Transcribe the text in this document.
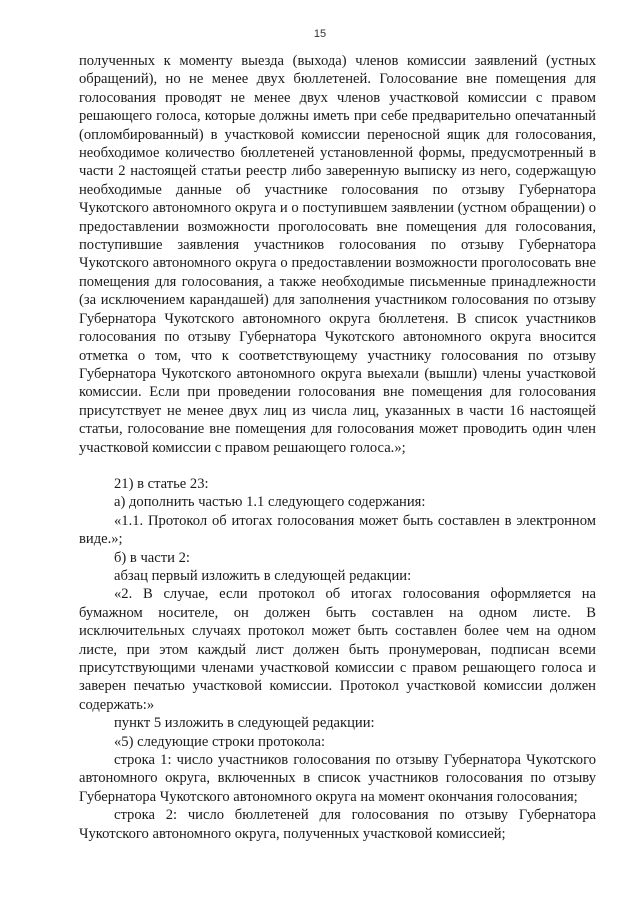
15

полученных к моменту выезда (выхода) членов комиссии заявлений (устных обращений), но не менее двух бюллетеней. Голосование вне помещения для голосования проводят не менее двух членов участковой комиссии с правом решающего голоса, которые должны иметь при себе предварительно опечатанный (опломбированный) в участковой комиссии переносной ящик для голосования, необходимое количество бюллетеней установленной формы, предусмотренный в части 2 настоящей статьи реестр либо заверенную выписку из него, содержащую необходимые данные об участнике голосования по отзыву Губернатора Чукотского автономного округа и о поступившем заявлении (устном обращении) о предоставлении возможности проголосовать вне помещения для голосования, поступившие заявления участников голосования по отзыву Губернатора Чукотского автономного округа о предоставлении возможности проголосовать вне помещения для голосования, а также необходимые письменные принадлежности (за исключением карандашей) для заполнения участником голосования по отзыву Губернатора Чукотского автономного округа бюллетеня. В список участников голосования по отзыву Губернатора Чукотского автономного округа вносится отметка о том, что к соответствующему участнику голосования по отзыву Губернатора Чукотского автономного округа выехали (вышли) члены участковой комиссии. Если при проведении голосования вне помещения для голосования присутствует не менее двух лиц из числа лиц, указанных в части 16 настоящей статьи, голосование вне помещения для голосования может проводить один член участковой комиссии с правом решающего голоса.»;

21) в статье 23:

а) дополнить частью 1.1 следующего содержания:

«1.1. Протокол об итогах голосования может быть составлен в электронном виде.»;

б) в части 2:

абзац первый изложить в следующей редакции:

«2. В случае, если протокол об итогах голосования оформляется на бумажном носителе, он должен быть составлен на одном листе. В исключительных случаях протокол может быть составлен более чем на одном листе, при этом каждый лист должен быть пронумерован, подписан всеми присутствующими членами участковой комиссии с правом решающего голоса и заверен печатью участковой комиссии. Протокол участковой комиссии должен содержать:»

пункт 5 изложить в следующей редакции:

«5) следующие строки протокола:

строка 1: число участников голосования по отзыву Губернатора Чукотского автономного округа, включенных в список участников голосования по отзыву Губернатора Чукотского автономного округа на момент окончания голосования;

строка 2: число бюллетеней для голосования по отзыву Губернатора Чукотского автономного округа, полученных участковой комиссией;
